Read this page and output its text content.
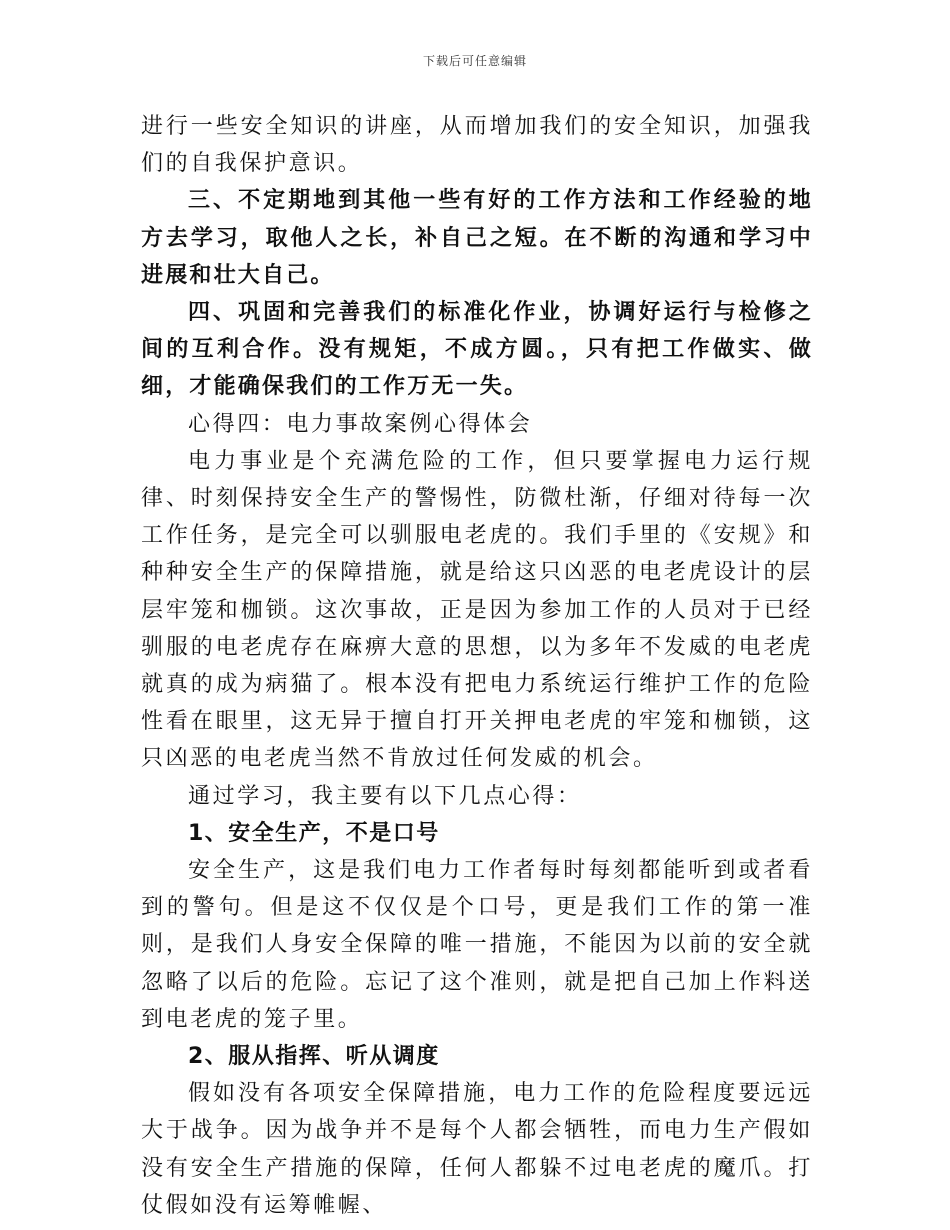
下载后可任意编辑

进行一些安全知识的讲座，从而增加我们的安全知识，加强我们的自我保护意识。

三、不定期地到其他一些有好的工作方法和工作经验的地方去学习，取他人之长，补自己之短。在不断的沟通和学习中进展和壮大自己。

四、巩固和完善我们的标准化作业，协调好运行与检修之间的互利合作。没有规矩，不成方圆。，只有把工作做实、做细，才能确保我们的工作万无一失。

心得四：电力事故案例心得体会

电力事业是个充满危险的工作，但只要掌握电力运行规律、时刻保持安全生产的警惕性，防微杜渐，仔细对待每一次工作任务，是完全可以驯服电老虎的。我们手里的《安规》和种种安全生产的保障措施，就是给这只凶恶的电老虎设计的层层牢笼和枷锁。这次事故，正是因为参加工作的人员对于已经驯服的电老虎存在麻痹大意的思想，以为多年不发威的电老虎就真的成为病猫了。根本没有把电力系统运行维护工作的危险性看在眼里，这无异于擅自打开关押电老虎的牢笼和枷锁，这只凶恶的电老虎当然不肯放过任何发威的机会。

通过学习，我主要有以下几点心得：

1、安全生产，不是口号

安全生产，这是我们电力工作者每时每刻都能听到或者看到的警句。但是这不仅仅是个口号，更是我们工作的第一准则，是我们人身安全保障的唯一措施，不能因为以前的安全就忽略了以后的危险。忘记了这个准则，就是把自己加上作料送到电老虎的笼子里。

2、服从指挥、听从调度

假如没有各项安全保障措施，电力工作的危险程度要远远大于战争。因为战争并不是每个人都会牺牲，而电力生产假如没有安全生产措施的保障，任何人都躲不过电老虎的魔爪。打仗假如没有运筹帷幄、
